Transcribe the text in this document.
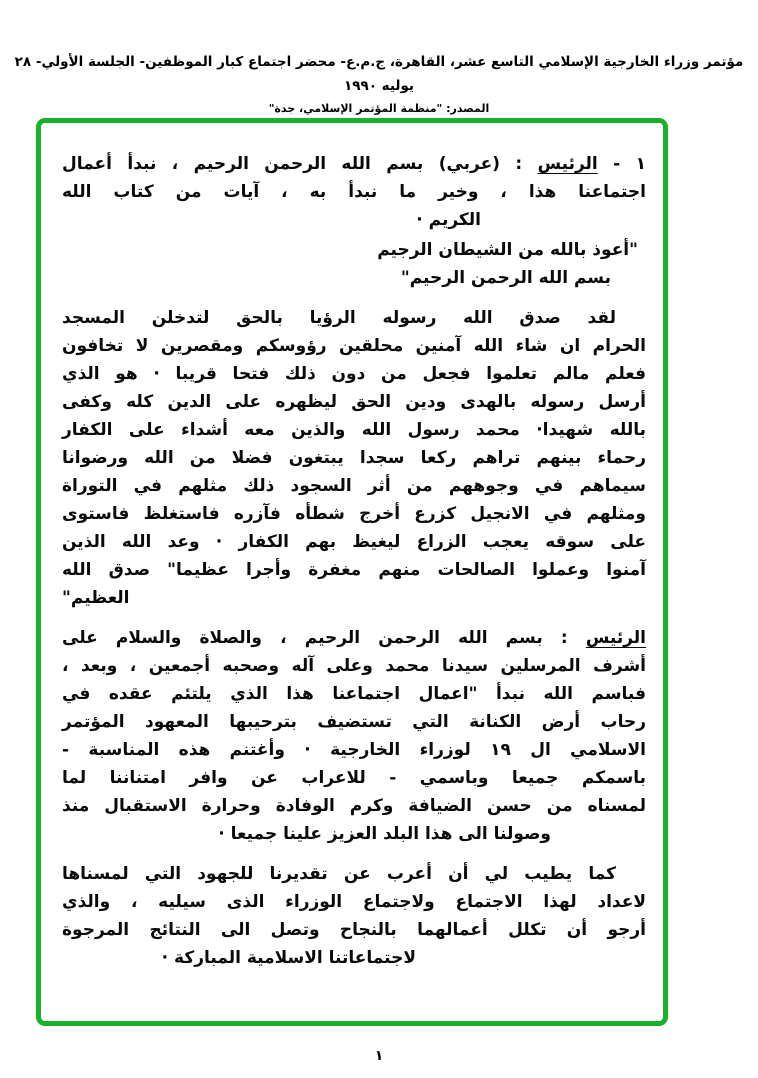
مؤتمر وزراء الخارجية الإسلامي التاسع عشر، القاهرة، ج.م.ع- محضر اجتماع كبار الموظفين- الجلسة الأولي- ٢٨ يوليه ١٩٩٠
المصدر: "منظمة المؤتمر الإسلامي، جدة"
١ - الرئيس : (عربي) بسم الله الرحمن الرحيم ، نبدأ أعمال
اجتماعنا هذا ، وخير ما نبدأ به ، آيات من كتاب الله
الكريم ·
"أعوذ بالله من الشيطان الرجيم
بسم الله الرحمن الرحيم"
لقد صدق الله رسوله الرؤيا بالحق لتدخلن المسجد
الحرام ان شاء الله آمنين محلقين رؤوسكم ومقصرين لا تخافون
فعلم مالم تعلموا فجعل من دون ذلك فتحا قريبا · هو الذي
أرسل رسوله بالهدى ودين الحق ليظهره على الدين كله وكفى
بالله شهيدا· محمد رسول الله والذين معه أشداء على الكفار
رحماء بينهم تراهم ركعا سجدا يبتغون فضلا من الله ورضوانا
سيماهم في وجوههم من أثر السجود ذلك مثلهم في التوراة
ومثلهم في الانجيل كزرع أخرج شطأه فآزره فاستغلظ فاستوى
على سوقه يعجب الزراع ليغيظ بهم الكفار · وعد الله الذين
آمنوا وعملوا الصالحات منهم مغفرة وأجرا عظيما" صدق الله
العظيم"
الرئيس : بسم الله الرحمن الرحيم ، والصلاة والسلام على
أشرف المرسلين سيدنا محمد وعلى آله وصحبه أجمعين ، وبعد ،
فباسم الله نبدأ "اعمال اجتماعنا هذا الذي يلتئم عقده في
رحاب أرض الكنانة التي تستضيف بترحيبها المعهود المؤتمر
الاسلامي ال ١٩ لوزراء الخارجية · وأغتنم هذه المناسبة -
باسمكم جميعا وباسمي - للاعراب عن وافر امتناننا لما
لمسناه من حسن الضيافة وكرم الوفادة وحرارة الاستقبال منذ
وصولنا الى هذا البلد العزيز علينا جميعا ·
كما يطيب لي أن أعرب عن تقديرنا للجهود التي لمسناها
لاعداد لهذا الاجتماع ولاجتماع الوزراء الذى سيليه ، والذي
أرجو أن تكلل أعمالهما بالنجاح وتصل الى النتائج المرجوة
لاجتماعاتنا الاسلامية المباركة ·
١
